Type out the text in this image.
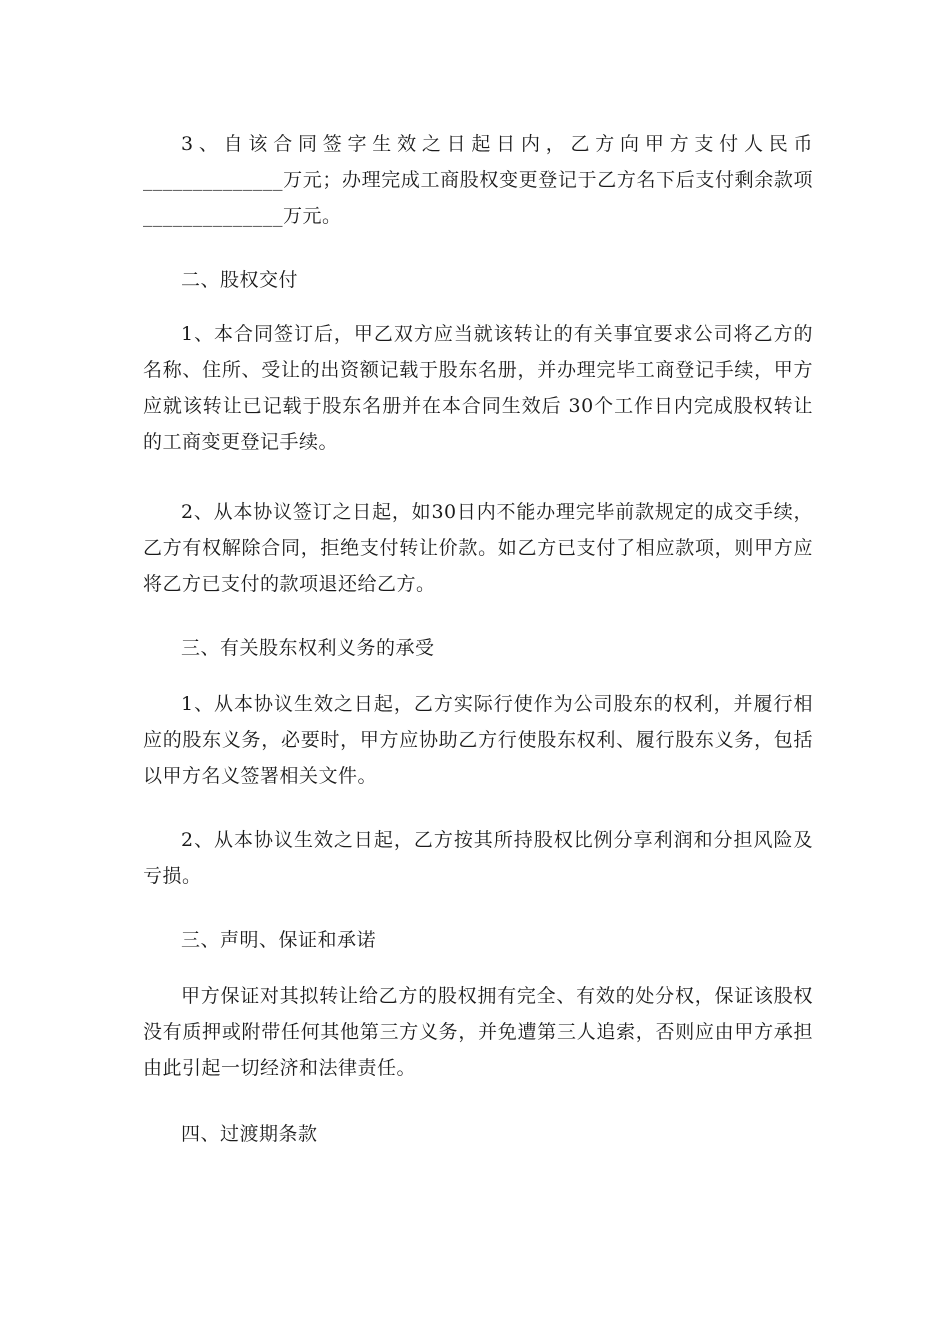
3、自该合同签字生效之日起日内，乙方向甲方支付人民币______________万元；办理完成工商股权变更登记于乙方名下后支付剩余款项______________万元。

二、股权交付

1、本合同签订后，甲乙双方应当就该转让的有关事宜要求公司将乙方的名称、住所、受让的出资额记载于股东名册，并办理完毕工商登记手续，甲方应就该转让已记载于股东名册并在本合同生效后 30个工作日内完成股权转让的工商变更登记手续。

2、从本协议签订之日起，如30日内不能办理完毕前款规定的成交手续，乙方有权解除合同，拒绝支付转让价款。如乙方已支付了相应款项，则甲方应将乙方已支付的款项退还给乙方。

三、有关股东权利义务的承受

1、从本协议生效之日起，乙方实际行使作为公司股东的权利，并履行相应的股东义务，必要时，甲方应协助乙方行使股东权利、履行股东义务，包括以甲方名义签署相关文件。

2、从本协议生效之日起，乙方按其所持股权比例分享利润和分担风险及亏损。

三、声明、保证和承诺

甲方保证对其拟转让给乙方的股权拥有完全、有效的处分权，保证该股权没有质押或附带任何其他第三方义务，并免遭第三人追索，否则应由甲方承担由此引起一切经济和法律责任。

四、过渡期条款
